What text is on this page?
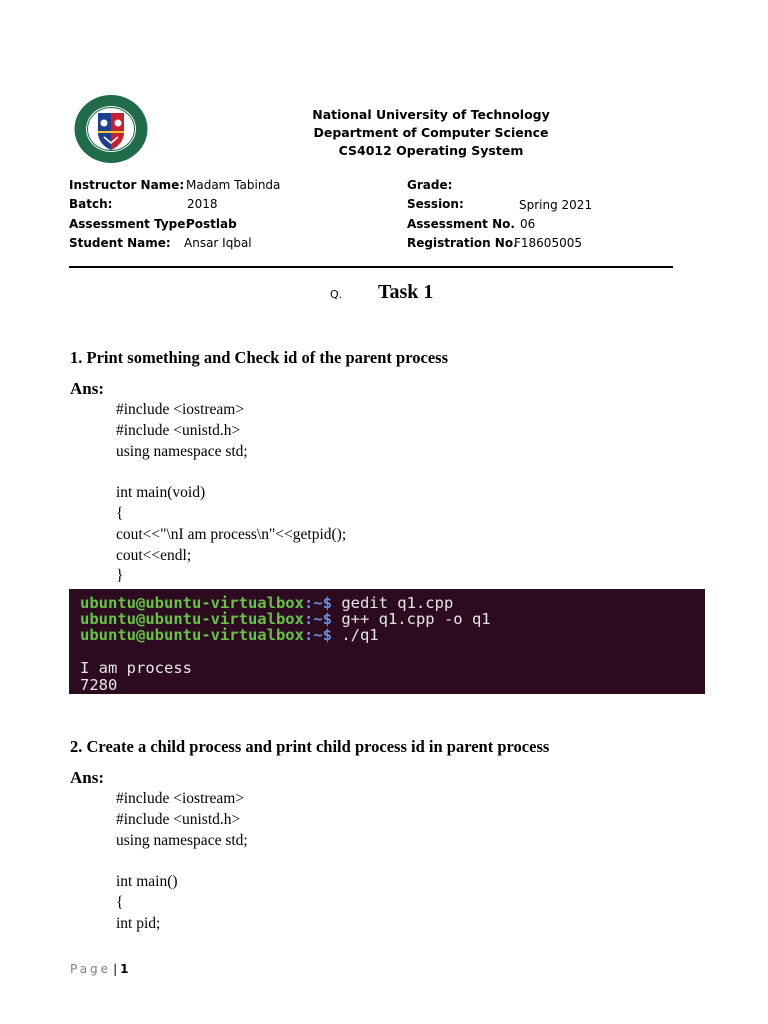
National University of Technology
Department of Computer Science
CS4012 Operating System
Instructor Name: Madam Tabinda
Batch:	2018
Assessment Type:
Postlab
Student Name: Ansar Iqbal
Grade:
Session:	Spring 2021
Assessment No. 06
Registration No.
F18605005
Q. Task 1
1. Print something and Check id of the parent process
Ans:
#include <iostream>
#include <unistd.h>
using namespace std;

int main(void)
{
cout<<"\nI am process\n"<<getpid();
cout<<endl;
}
ubuntu@ubuntu-virtualbox:~$ gedit q1.cpp
ubuntu@ubuntu-virtualbox:~$ g++ q1.cpp -o q1
ubuntu@ubuntu-virtualbox:~$ ./q1
I am process
7280
2. Create a child process and print child process id in parent process
Ans:
#include <iostream>
#include <unistd.h>
using namespace std;

int main()
{
int pid;
Page | 1
